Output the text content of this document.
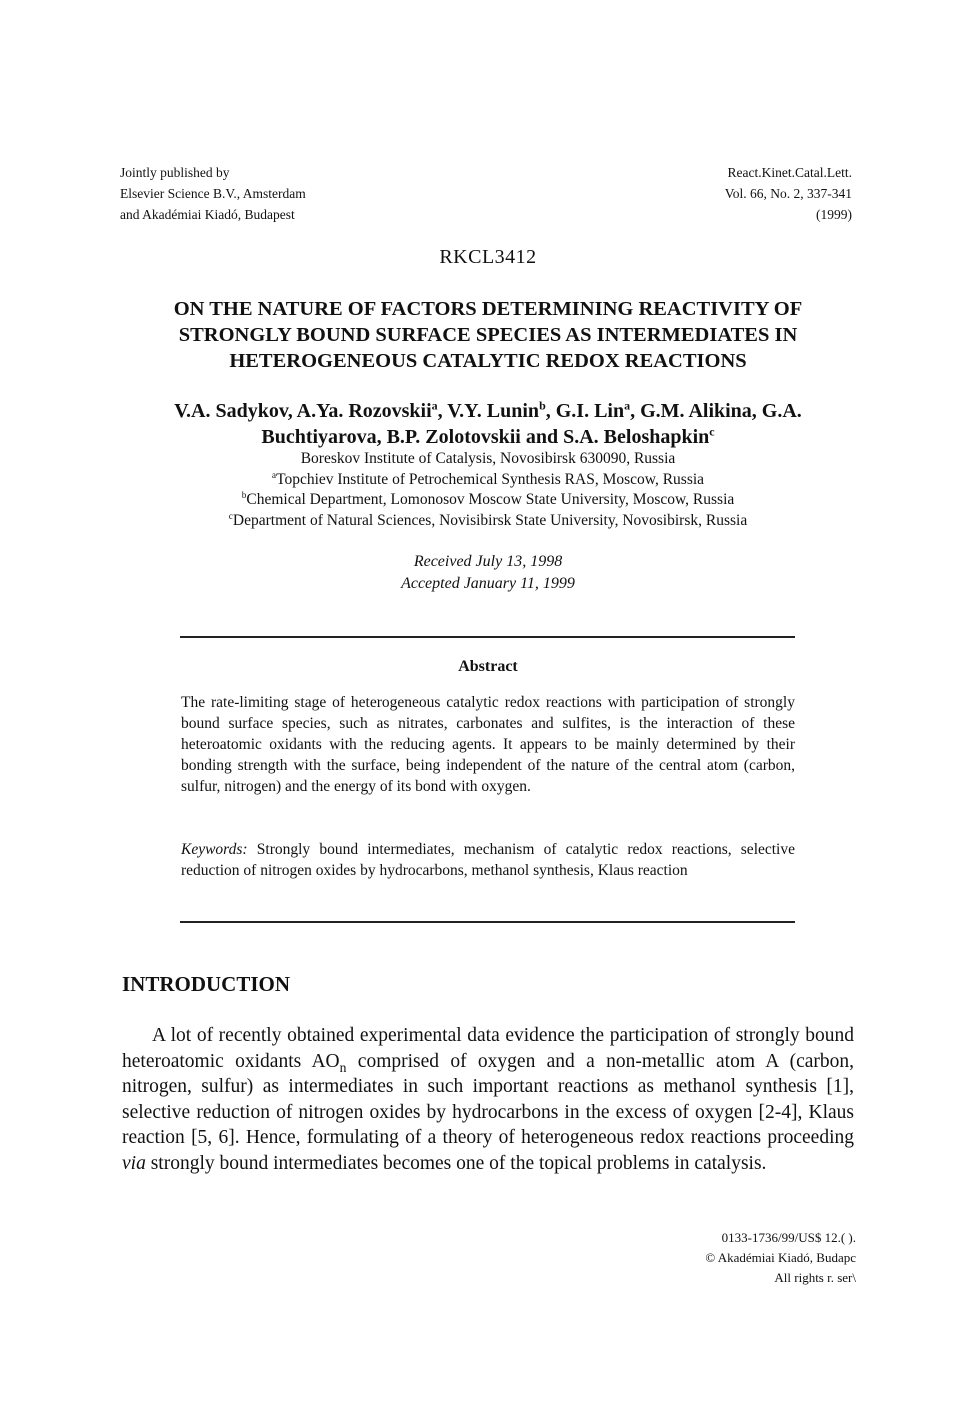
Jointly published by
Elsevier Science B.V., Amsterdam
and Akadémiai Kiadó, Budapest
React.Kinet.Catal.Lett.
Vol. 66, No. 2, 337-341
(1999)
RKCL3412
ON THE NATURE OF FACTORS DETERMINING REACTIVITY OF
STRONGLY BOUND SURFACE SPECIES AS INTERMEDIATES IN
HETEROGENEOUS CATALYTIC REDOX REACTIONS
V.A. Sadykov, A.Ya. Rozovskii$^a$, V.Y. Lunin$^b$, G.I. Lin$^a$, G.M. Alikina, G.A.
Buchtiyarova, B.P. Zolotovskii and S.A. Beloshapkin$^c$
Boreskov Institute of Catalysis, Novosibirsk 630090, Russia
$^a$Topchiev Institute of Petrochemical Synthesis RAS, Moscow, Russia
$^b$Chemical Department, Lomonosov Moscow State University, Moscow, Russia
$^c$Department of Natural Sciences, Novisibirsk State University, Novosibirsk, Russia
Received July 13, 1998
Accepted January 11, 1999
Abstract
The rate-limiting stage of heterogeneous catalytic redox reactions with participation of strongly bound surface species, such as nitrates, carbonates and sulfites, is the interaction of these heteroatomic oxidants with the reducing agents. It appears to be mainly determined by their bonding strength with the surface, being independent of the nature of the central atom (carbon, sulfur, nitrogen) and the energy of its bond with oxygen.
Keywords: Strongly bound intermediates, mechanism of catalytic redox reactions, selective reduction of nitrogen oxides by hydrocarbons, methanol synthesis, Klaus reaction
INTRODUCTION

A lot of recently obtained experimental data evidence the participation of strongly bound heteroatomic oxidants $AO_n$ comprised of oxygen and a non-metallic atom A (carbon, nitrogen, sulfur) as intermediates in such important reactions as methanol synthesis [1], selective reduction of nitrogen oxides by hydrocarbons in the excess of oxygen [2-4], Klaus reaction [5, 6]. Hence, formulating of a theory of heterogeneous redox reactions proceeding via strongly bound intermediates becomes one of the topical problems in catalysis.

0133-1736/99/US$ 12.( ).
© Akadémiai Kiadó, Budapc
All rights r. ser\
